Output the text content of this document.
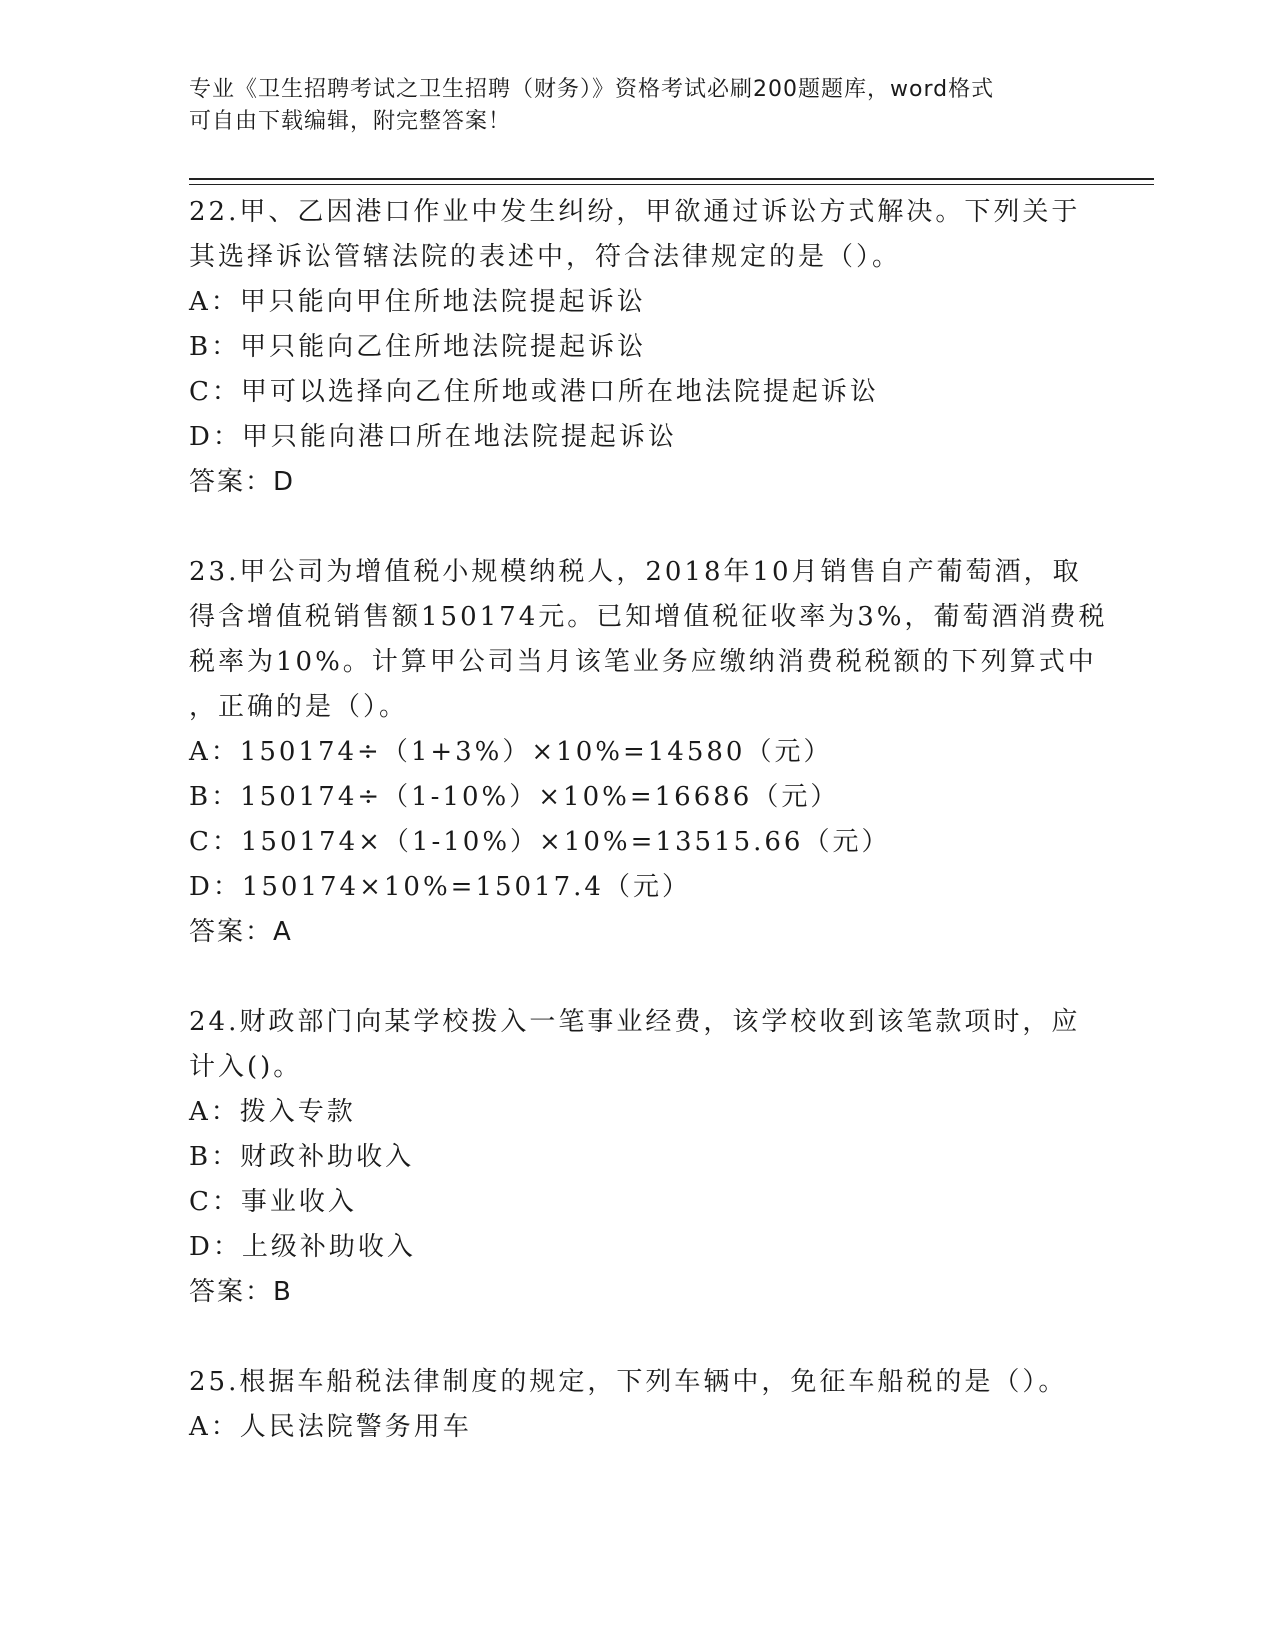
专业《卫生招聘考试之卫生招聘（财务）》资格考试必刷200题题库，word格式
可自由下载编辑，附完整答案！
22.甲、乙因港口作业中发生纠纷，甲欲通过诉讼方式解决。下列关于
其选择诉讼管辖法院的表述中，符合法律规定的是（）。
A：甲只能向甲住所地法院提起诉讼
B：甲只能向乙住所地法院提起诉讼
C：甲可以选择向乙住所地或港口所在地法院提起诉讼
D：甲只能向港口所在地法院提起诉讼
答案：D
23.甲公司为增值税小规模纳税人，2018年10月销售自产葡萄酒，取
得含增值税销售额150174元。已知增值税征收率为3%，葡萄酒消费税
税率为10%。计算甲公司当月该笔业务应缴纳消费税税额的下列算式中
，正确的是（）。
A：150174÷（1+3%）×10%=14580（元）
B：150174÷（1-10%）×10%=16686（元）
C：150174×（1-10%）×10%=13515.66（元）
D：150174×10%=15017.4（元）
答案：A
24.财政部门向某学校拨入一笔事业经费，该学校收到该笔款项时，应
计入()。
A：拨入专款
B：财政补助收入
C：事业收入
D：上级补助收入
答案：B
25.根据车船税法律制度的规定，下列车辆中，免征车船税的是（）。
A：人民法院警务用车
